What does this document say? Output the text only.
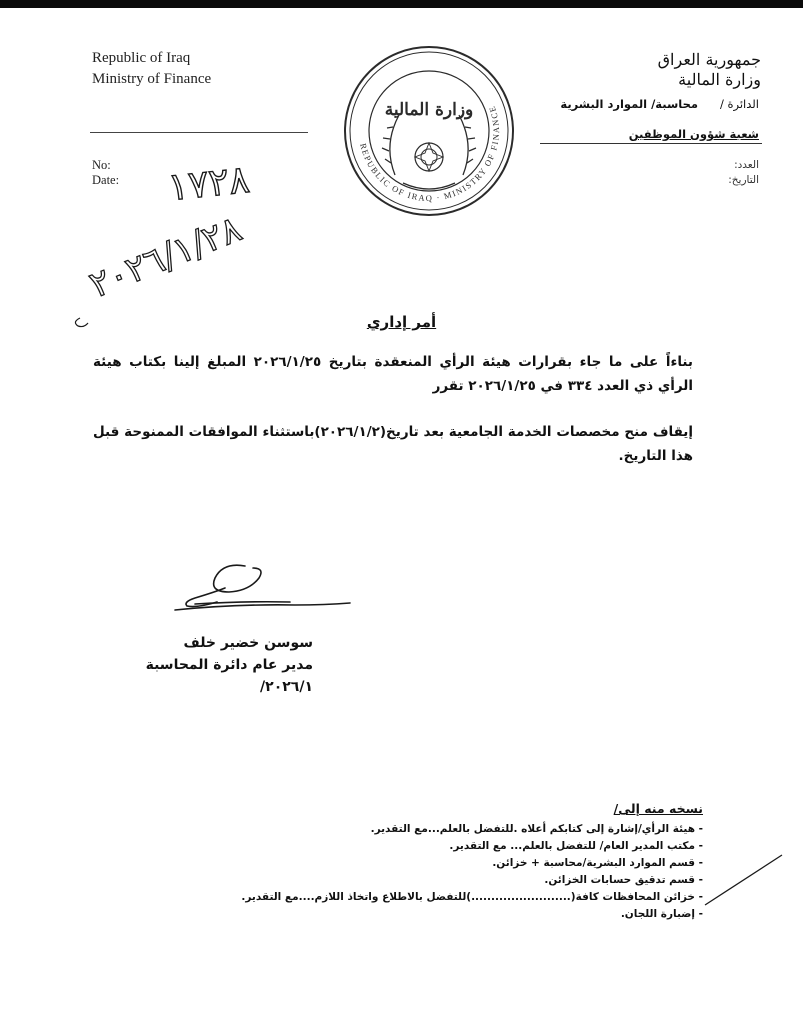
Republic of Iraq
Ministry of Finance
No:
Date:
جمهورية العراق
وزارة المالية
الدائرة /      محاسبة/ الموارد البشرية
شعبة شؤون الموظفين
العدد:
التاريخ:
REPUBLIC OF IRAQ · MINISTRY OF FINANCE
وزارة المالية
١٧٢٨
٢٠٢٦/١/٢٨
أمر إداري
بناءاً على ما جاء بقرارات هيئة الرأي المنعقدة بتاريخ ٢٠٢٦/١/٢٥ المبلغ إلينا بكتاب هيئة الرأي ذي العدد ٣٣٤ في ٢٠٢٦/١/٢٥ تقرر
إيقاف منح مخصصات الخدمة الجامعية بعد تاريخ(٢٠٢٦/١/٢)باستثناء الموافقات الممنوحة قبل هذا التاريخ.
سوسن خضير خلف
مدير عام دائرة المحاسبة
٢٠٢٦/١/
نسخه منه إلى/
- هيئة الرأي/إشارة إلى كتابكم أعلاه .للتفضل بالعلم...مع التقدير.
- مكتب المدير العام/ للتفضل بالعلم... مع التقدير.
- قسم الموارد البشرية/محاسبة + خزائن.
- قسم تدقيق حسابات الخزائن.
- خزائن المحافظات كافة(.........................)للتفضل بالاطلاع واتخاذ اللازم....مع التقدير.
- إضبارة اللجان.
